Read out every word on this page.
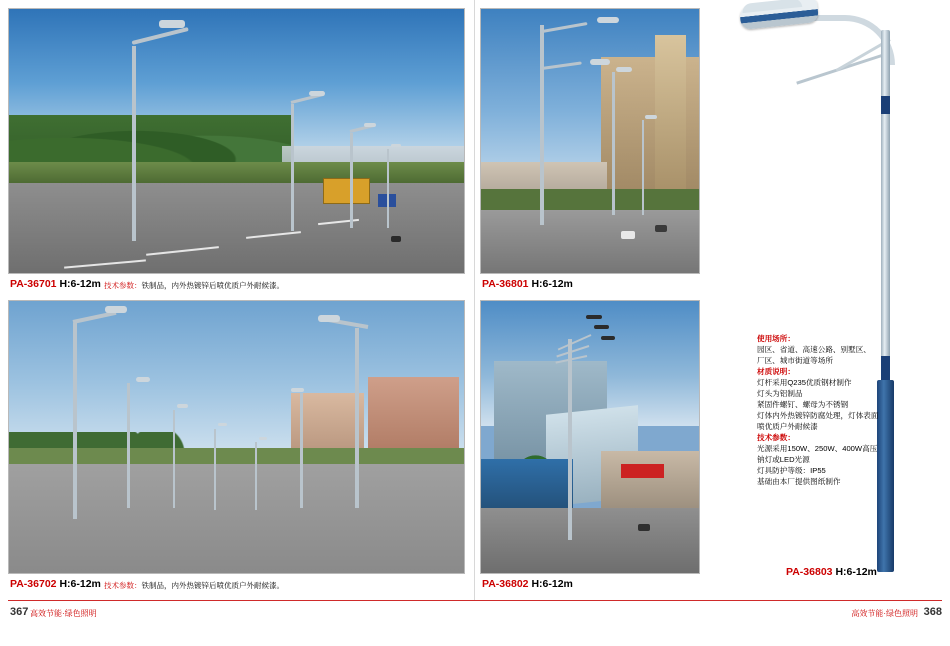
PA-36701 H:6-12m 技术参数：铁制品，内外热镀锌后喷优质户外耐候漆。	PA-36801 H:6-12m
PA-36702 H:6-12m 技术参数：铁制品，内外热镀锌后喷优质户外耐候漆。	PA-36802 H:6-12m
使用场所：
园区、省道、高速公路、别墅区、
厂区、城市街道等场所
材质说明：
灯杆采用Q235优质钢材制作
灯头为铝制品
紧固件螺钉、螺母为不锈钢
灯体内外热镀锌防腐处理，灯体表面
喷优质户外耐候漆
技术参数：
光源采用150W、250W、400W高压
钠灯或LED光源
灯具防护等级：IP55
基础由本厂提供图纸制作
PA-36803 H:6-12m
367 高效节能·绿色照明	高效节能·绿色照明 368
